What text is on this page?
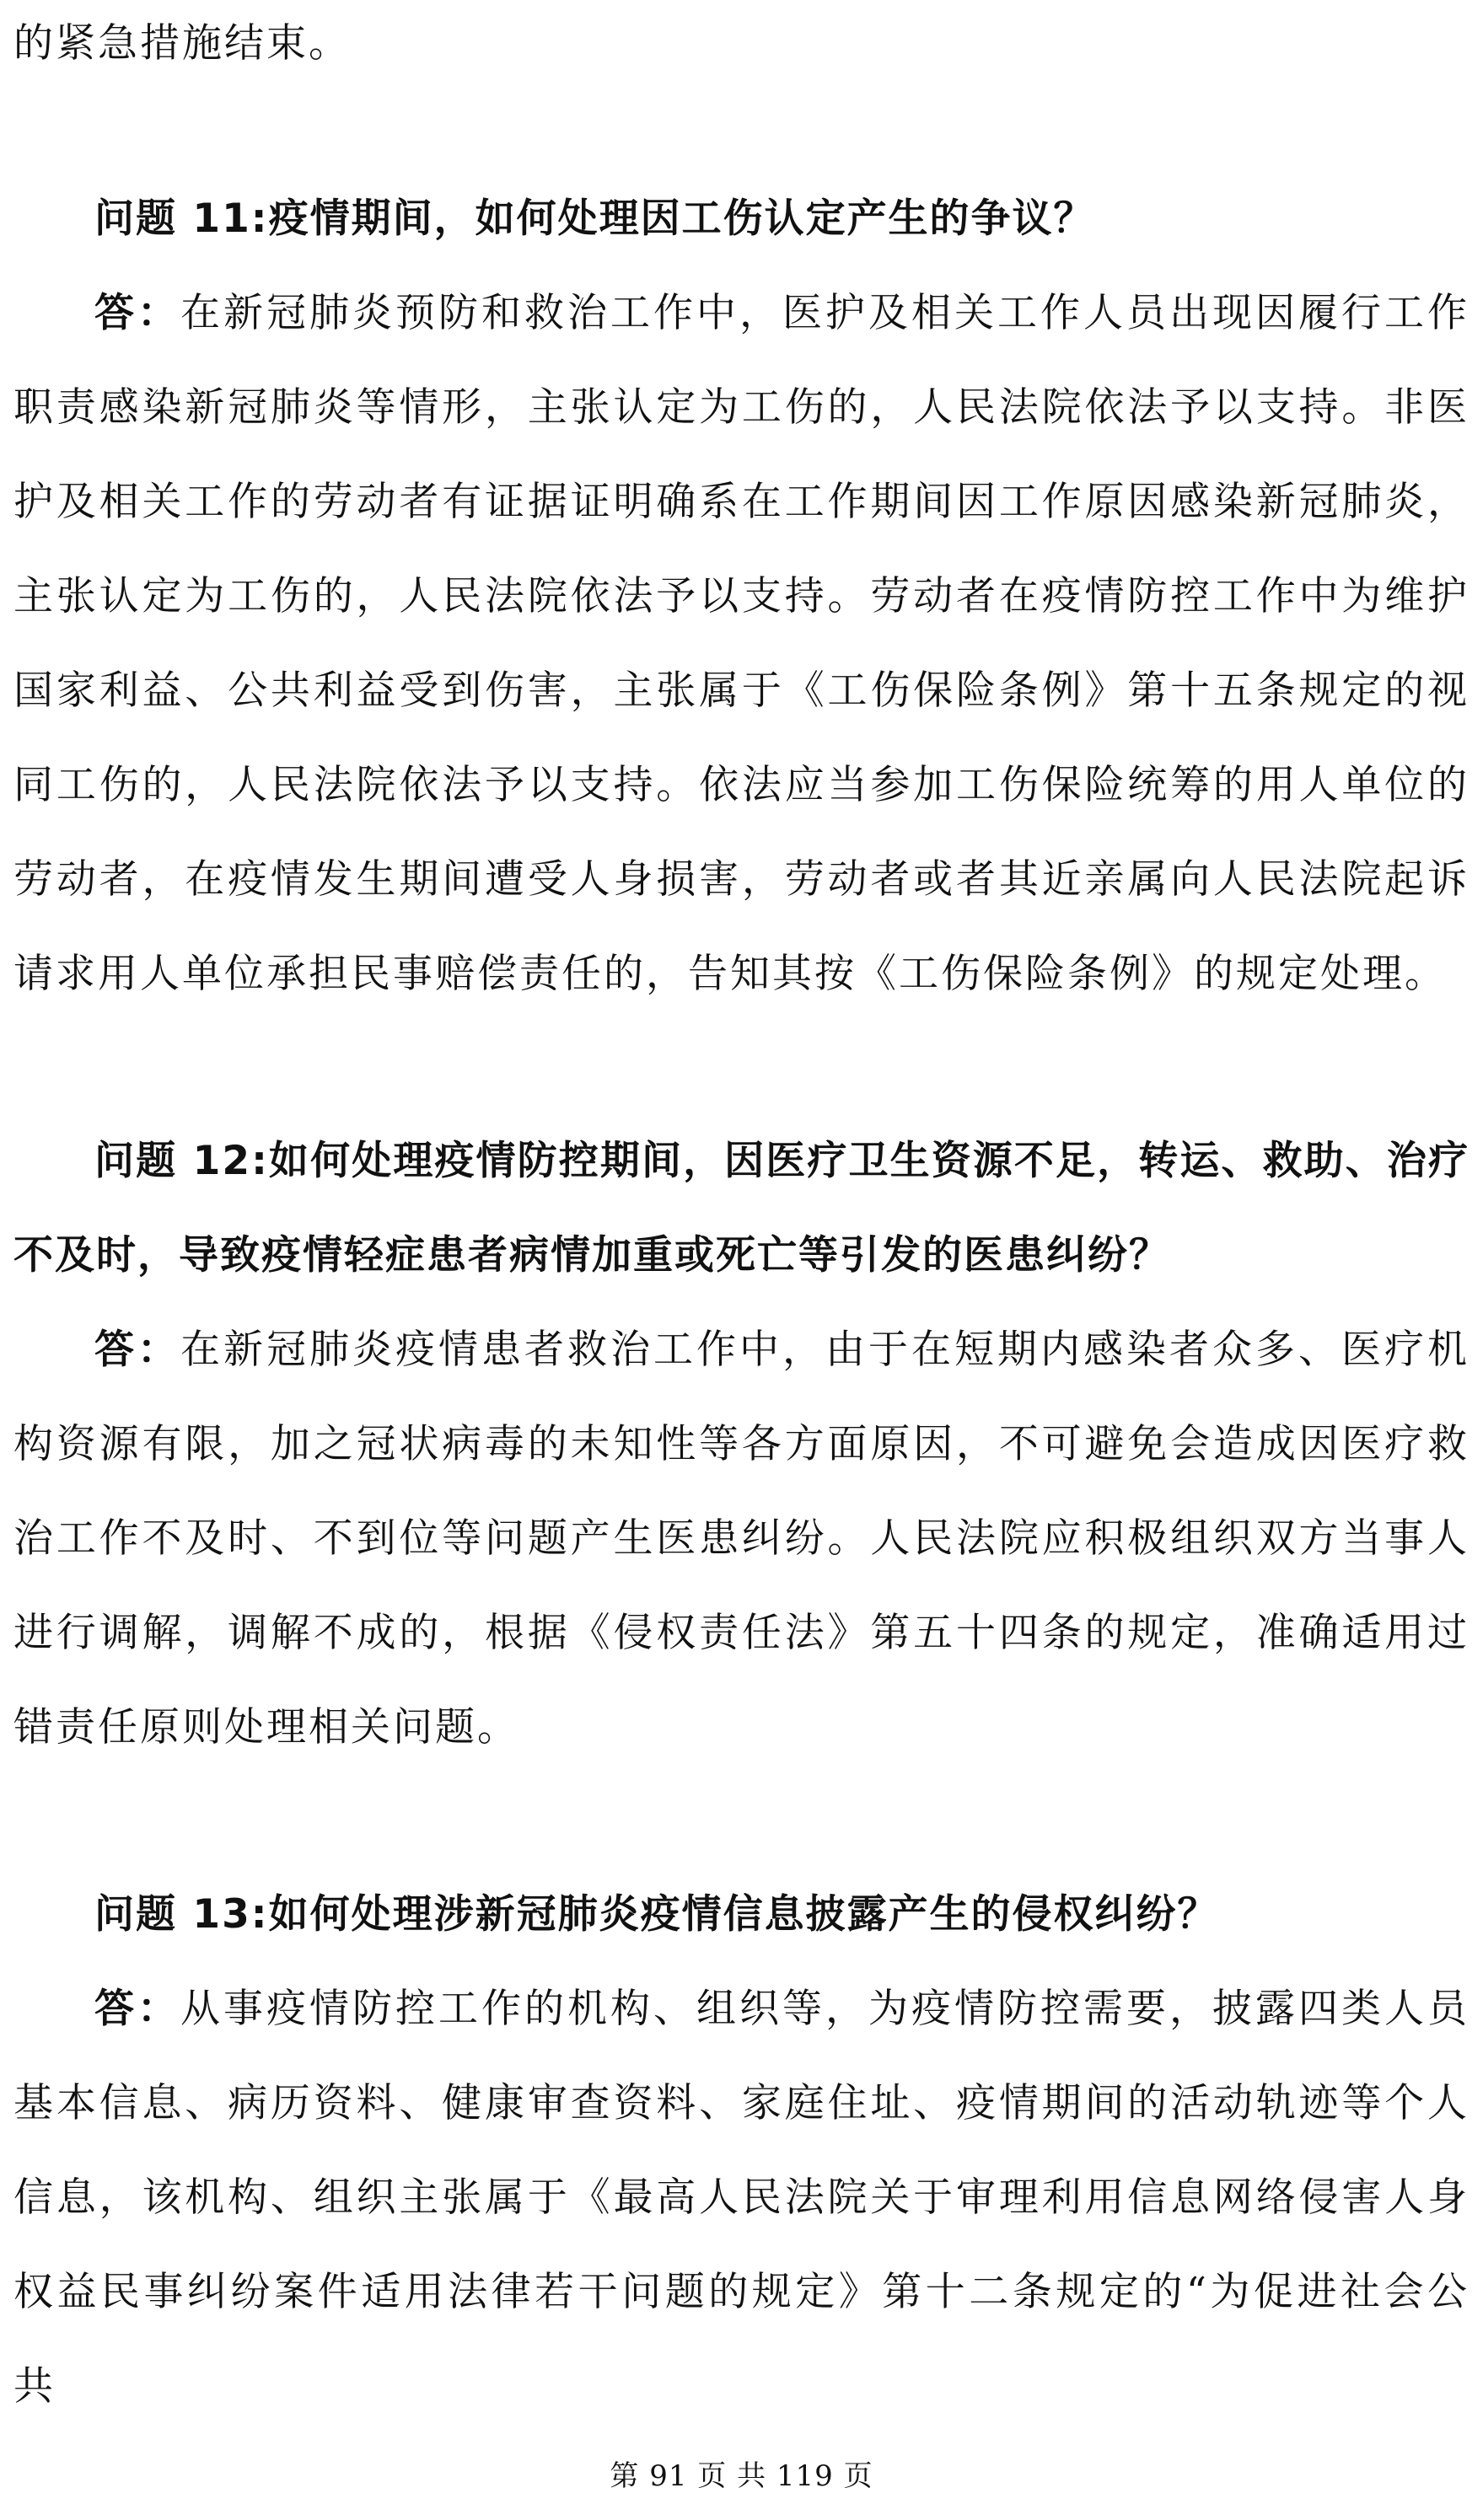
的紧急措施结束。

问题 11:疫情期间，如何处理因工伤认定产生的争议？

答：在新冠肺炎预防和救治工作中，医护及相关工作人员出现因履行工作职责感染新冠肺炎等情形，主张认定为工伤的，人民法院依法予以支持。非医护及相关工作的劳动者有证据证明确系在工作期间因工作原因感染新冠肺炎，主张认定为工伤的，人民法院依法予以支持。劳动者在疫情防控工作中为维护国家利益、公共利益受到伤害，主张属于《工伤保险条例》第十五条规定的视同工伤的，人民法院依法予以支持。依法应当参加工伤保险统筹的用人单位的劳动者，在疫情发生期间遭受人身损害，劳动者或者其近亲属向人民法院起诉请求用人单位承担民事赔偿责任的，告知其按《工伤保险条例》的规定处理。

问题 12:如何处理疫情防控期间，因医疗卫生资源不足，转运、救助、治疗不及时，导致疫情轻症患者病情加重或死亡等引发的医患纠纷？

答：在新冠肺炎疫情患者救治工作中，由于在短期内感染者众多、医疗机构资源有限，加之冠状病毒的未知性等各方面原因，不可避免会造成因医疗救治工作不及时、不到位等问题产生医患纠纷。人民法院应积极组织双方当事人进行调解，调解不成的，根据《侵权责任法》第五十四条的规定，准确适用过错责任原则处理相关问题。

问题 13:如何处理涉新冠肺炎疫情信息披露产生的侵权纠纷？

答：从事疫情防控工作的机构、组织等，为疫情防控需要，披露四类人员基本信息、病历资料、健康审查资料、家庭住址、疫情期间的活动轨迹等个人信息，该机构、组织主张属于《最高人民法院关于审理利用信息网络侵害人身权益民事纠纷案件适用法律若干问题的规定》第十二条规定的“为促进社会公共

第 91 页 共 119 页
